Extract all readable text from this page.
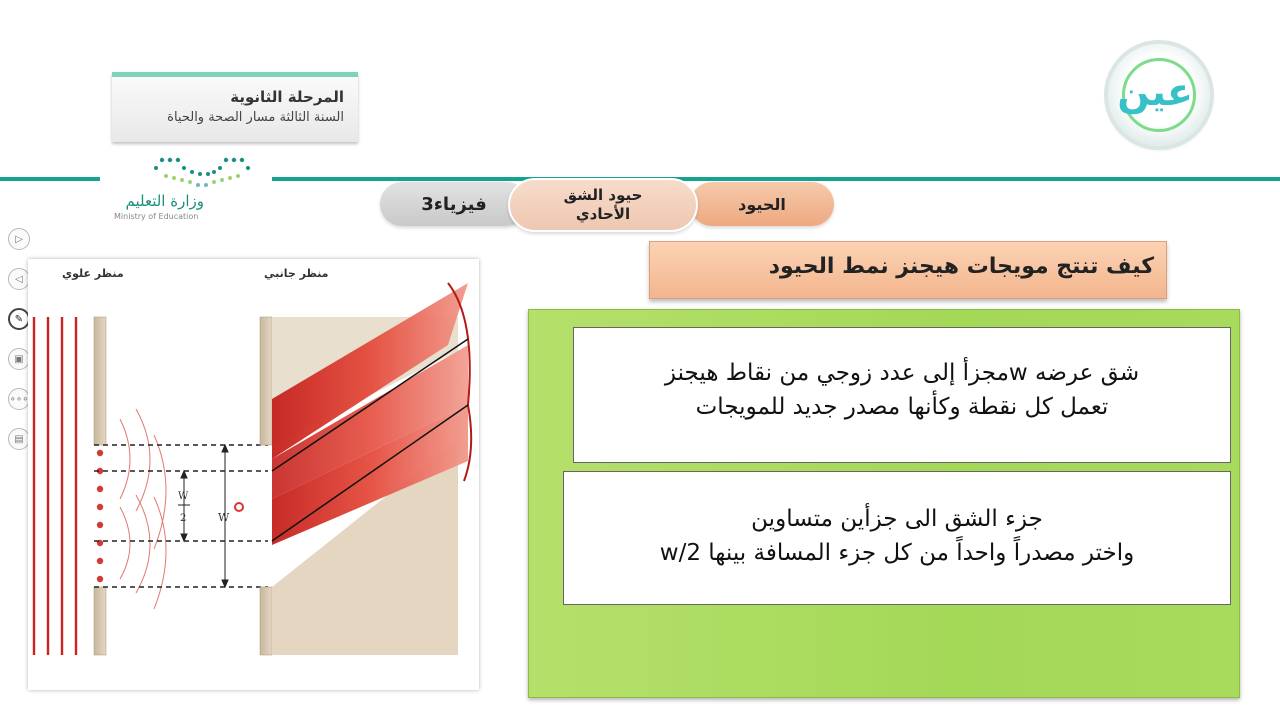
المرحلة الثانوية
السنة الثالثة مسار الصحة والحياة
وزارة التعليم
Ministry of Education
عين
فيزياء3	الحيود
حيود الشق
الأحادي
▷
◁
✎
▣
∘∘∘
▤
منظر علوي	منظر جانبي
W
W
2
كيف تنتج مويجات هيجنز نمط الحيود
شق عرضه wمجزأ إلى عدد زوجي من نقاط هيجنز
تعمل كل نقطة وكأنها مصدر جديد للمويجات
جزء الشق الى جزأين متساوين
واختر مصدراً واحداً من كل جزء المسافة بينها w/2
